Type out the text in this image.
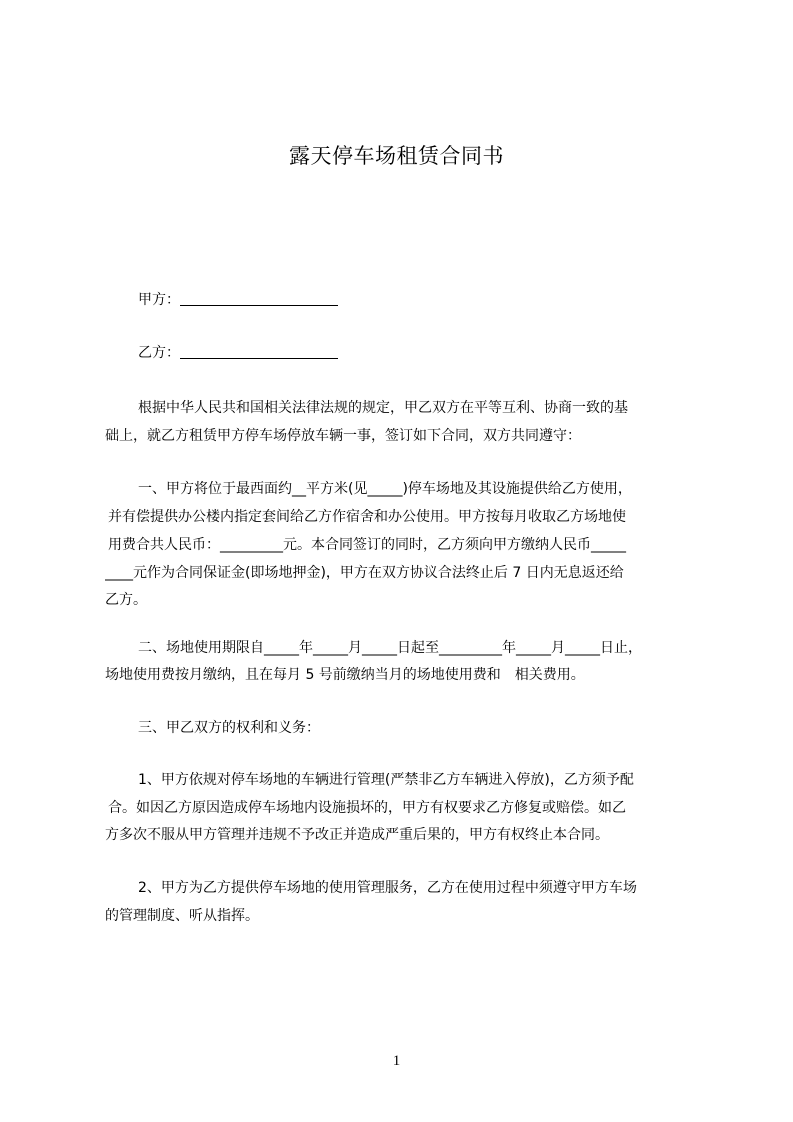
露天停车场租赁合同书
甲方：
乙方：

根据中华人民共和国相关法律法规的规定，甲乙双方在平等互利、协商一致的基

础上，就乙方租赁甲方停车场停放车辆一事，签订如下合同，双方共同遵守：

一、甲方将位于最西面约__平方米(见_____)停车场地及其设施提供给乙方使用，

并有偿提供办公楼内指定套间给乙方作宿舍和办公使用。甲方按每月收取乙方场地使

用费合共人民币：_________元。本合同签订的同时，乙方须向甲方缴纳人民币_____

____元作为合同保证金(即场地押金)，甲方在双方协议合法终止后 7 日内无息返还给

乙方。

二、场地使用期限自_____年_____月_____日起至_________年_____月_____日止，

场地使用费按月缴纳，且在每月 5 号前缴纳当月的场地使用费和　相关费用。

三、甲乙双方的权利和义务：

1、甲方依规对停车场地的车辆进行管理(严禁非乙方车辆进入停放)，乙方须予配

合。如因乙方原因造成停车场地内设施损坏的，甲方有权要求乙方修复或赔偿。如乙

方多次不服从甲方管理并违规不予改正并造成严重后果的，甲方有权终止本合同。

2、甲方为乙方提供停车场地的使用管理服务，乙方在使用过程中须遵守甲方车场

的管理制度、听从指挥。

1
